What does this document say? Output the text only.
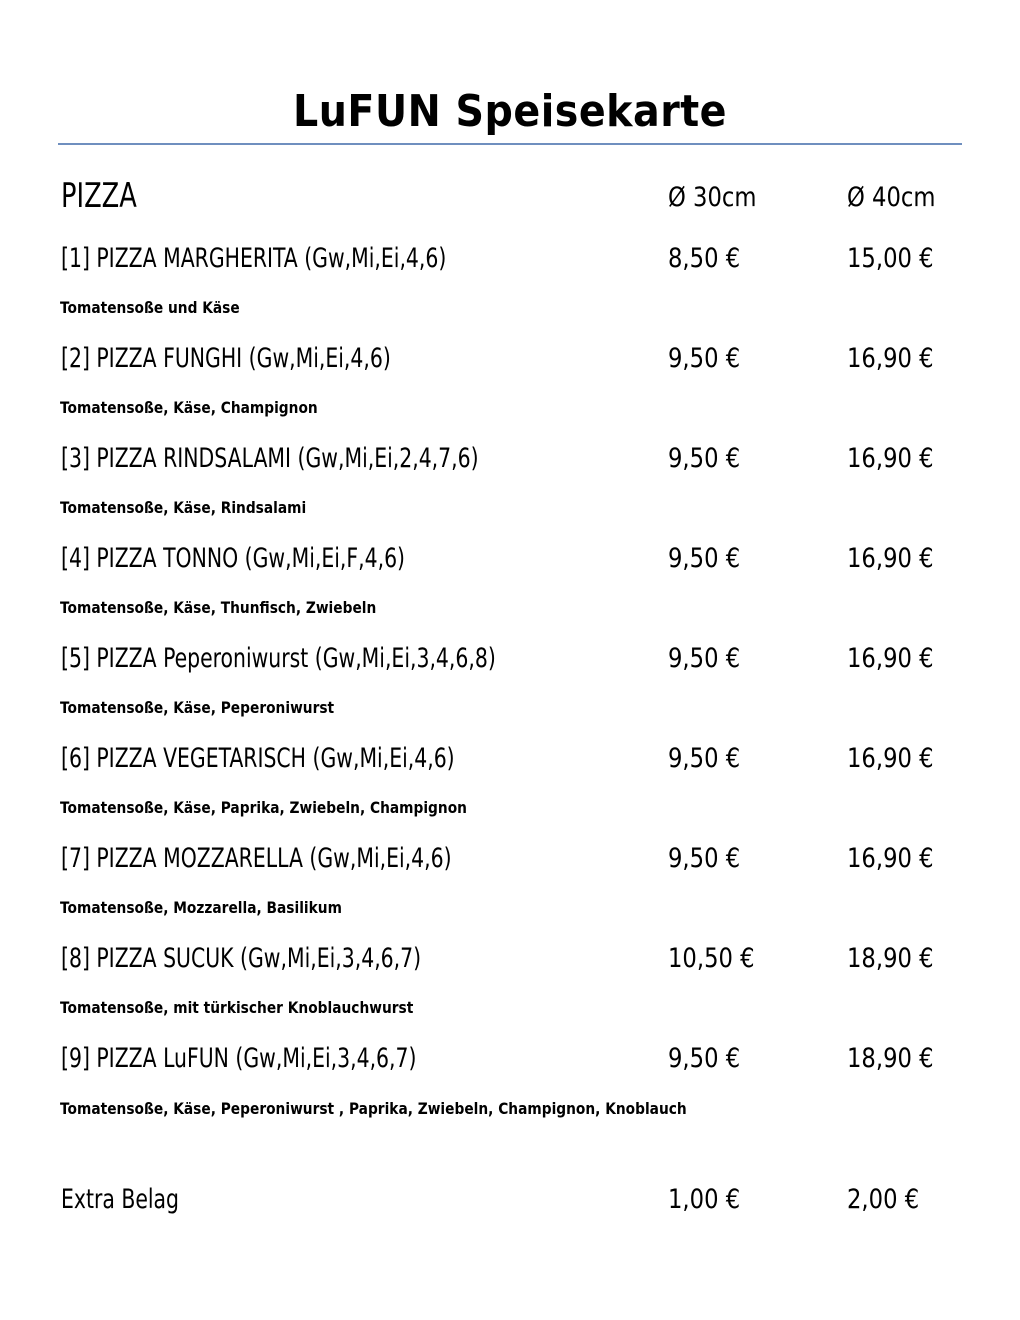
LuFUN Speisekarte
PIZZA	Ø 30cm	Ø 40cm
[1] PIZZA MARGHERITA (Gw,Mi,Ei,4,6)	8,50 €	15,00 €
Tomatensoße und Käse
[2] PIZZA FUNGHI (Gw,Mi,Ei,4,6)	9,50 €	16,90 €
Tomatensoße, Käse, Champignon
[3] PIZZA RINDSALAMI (Gw,Mi,Ei,2,4,7,6)	9,50 €	16,90 €
Tomatensoße, Käse, Rindsalami
[4] PIZZA TONNO (Gw,Mi,Ei,F,4,6)	9,50 €	16,90 €
Tomatensoße, Käse, Thunfisch, Zwiebeln
[5] PIZZA Peperoniwurst (Gw,Mi,Ei,3,4,6,8)	9,50 €	16,90 €
Tomatensoße, Käse, Peperoniwurst
[6] PIZZA VEGETARISCH (Gw,Mi,Ei,4,6)	9,50 €	16,90 €
Tomatensoße, Käse, Paprika, Zwiebeln, Champignon
[7] PIZZA MOZZARELLA (Gw,Mi,Ei,4,6)	9,50 €	16,90 €
Tomatensoße, Mozzarella, Basilikum
[8] PIZZA SUCUK (Gw,Mi,Ei,3,4,6,7)	10,50 €	18,90 €
Tomatensoße, mit türkischer Knoblauchwurst
[9] PIZZA LuFUN (Gw,Mi,Ei,3,4,6,7)	9,50 €	18,90 €
Tomatensoße, Käse, Peperoniwurst , Paprika, Zwiebeln, Champignon, Knoblauch
Extra Belag	1,00 €	2,00 €
